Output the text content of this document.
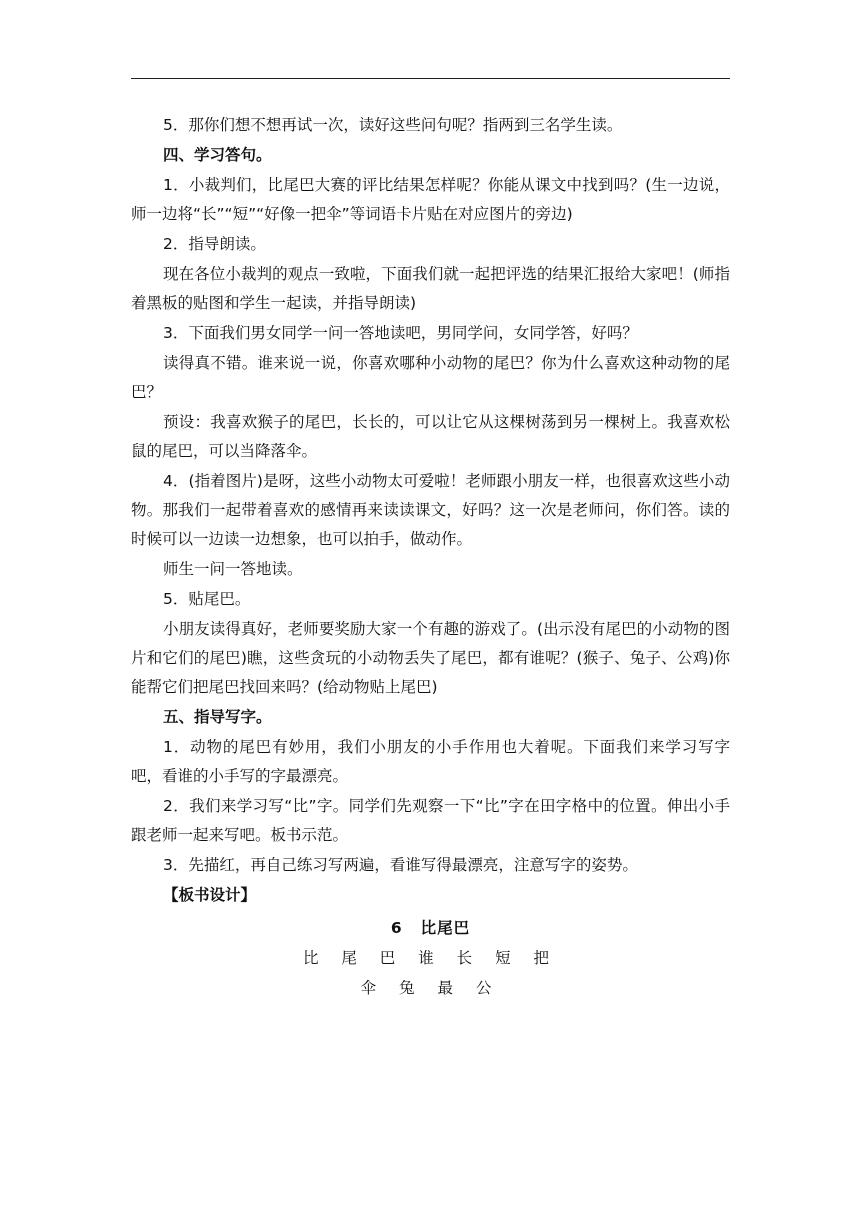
5．那你们想不想再试一次，读好这些问句呢？指两到三名学生读。

四、学习答句。

1．小裁判们，比尾巴大赛的评比结果怎样呢？你能从课文中找到吗？(生一边说，师一边将“长”“短”“好像一把伞”等词语卡片贴在对应图片的旁边)

2．指导朗读。

现在各位小裁判的观点一致啦，下面我们就一起把评选的结果汇报给大家吧！(师指着黑板的贴图和学生一起读，并指导朗读)

3．下面我们男女同学一问一答地读吧，男同学问，女同学答，好吗？

读得真不错。谁来说一说，你喜欢哪种小动物的尾巴？你为什么喜欢这种动物的尾巴？

预设：我喜欢猴子的尾巴，长长的，可以让它从这棵树荡到另一棵树上。我喜欢松鼠的尾巴，可以当降落伞。

4．(指着图片)是呀，这些小动物太可爱啦！老师跟小朋友一样，也很喜欢这些小动物。那我们一起带着喜欢的感情再来读读课文，好吗？这一次是老师问，你们答。读的时候可以一边读一边想象，也可以拍手，做动作。

师生一问一答地读。

5．贴尾巴。

小朋友读得真好，老师要奖励大家一个有趣的游戏了。(出示没有尾巴的小动物的图片和它们的尾巴)瞧，这些贪玩的小动物丢失了尾巴，都有谁呢？(猴子、兔子、公鸡)你能帮它们把尾巴找回来吗？(给动物贴上尾巴)

五、指导写字。

1．动物的尾巴有妙用，我们小朋友的小手作用也大着呢。下面我们来学习写字吧，看谁的小手写的字最漂亮。

2．我们来学习写“比”字。同学们先观察一下“比”字在田字格中的位置。伸出小手跟老师一起来写吧。板书示范。

3．先描红，再自己练习写两遍，看谁写得最漂亮，注意写字的姿势。

【板书设计】

6 比尾巴

比 尾 巴 谁 长 短 把

伞 兔 最 公
